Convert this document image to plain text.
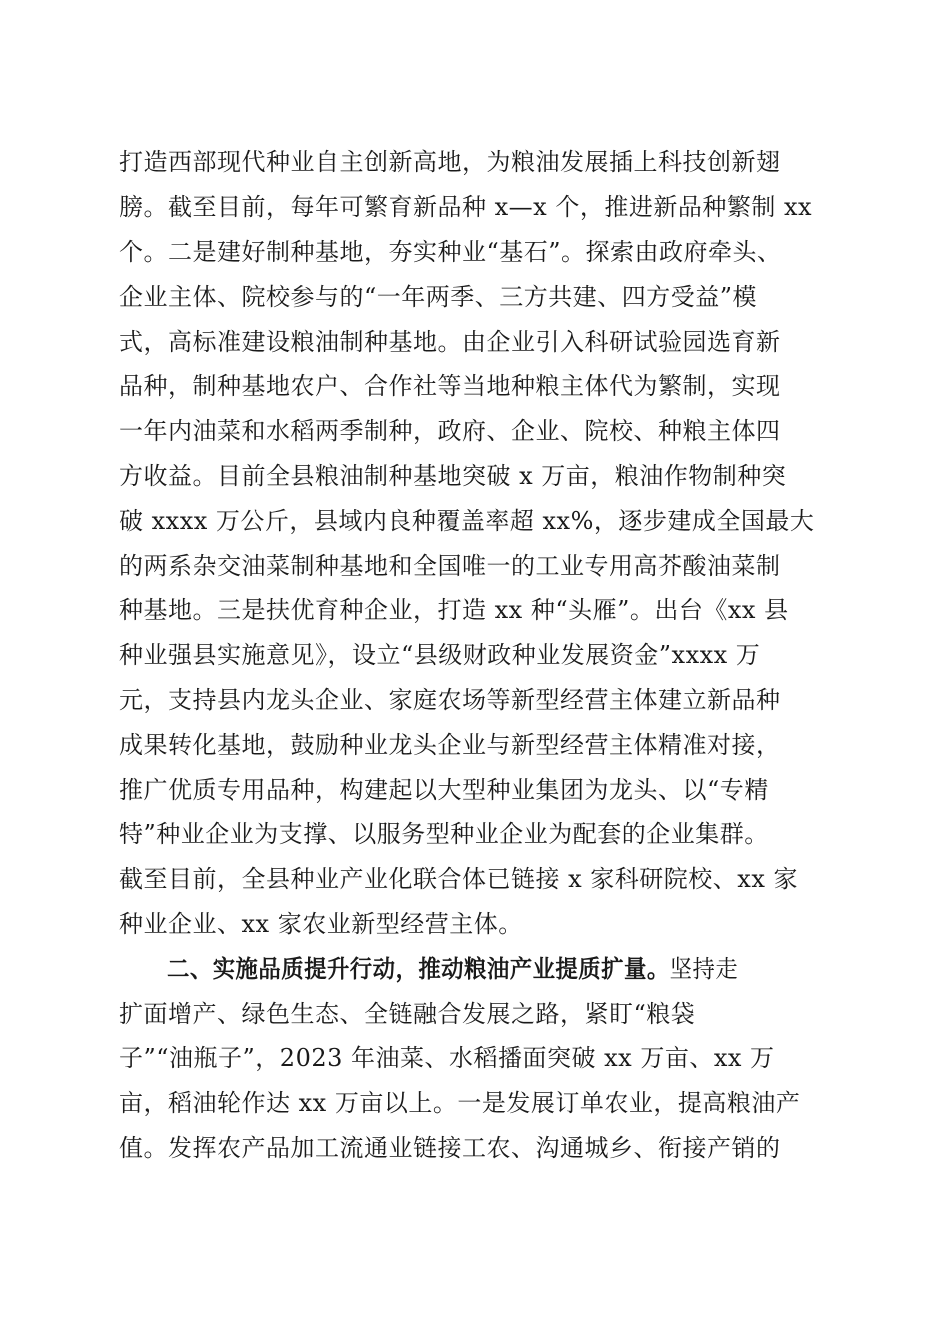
打造西部现代种业自主创新高地，为粮油发展插上科技创新翅
膀。截至目前，每年可繁育新品种 x—x 个，推进新品种繁制 xx
个。二是建好制种基地，夯实种业“基石”。探索由政府牵头、
企业主体、院校参与的“一年两季、三方共建、四方受益”模
式，高标准建设粮油制种基地。由企业引入科研试验园选育新
品种，制种基地农户、合作社等当地种粮主体代为繁制，实现
一年内油菜和水稻两季制种，政府、企业、院校、种粮主体四
方收益。目前全县粮油制种基地突破 x 万亩，粮油作物制种突
破 xxxx 万公斤，县域内良种覆盖率超 xx%，逐步建成全国最大
的两系杂交油菜制种基地和全国唯一的工业专用高芥酸油菜制
种基地。三是扶优育种企业，打造 xx 种“头雁”。出台《xx 县
种业强县实施意见》，设立“县级财政种业发展资金”xxxx 万
元，支持县内龙头企业、家庭农场等新型经营主体建立新品种
成果转化基地，鼓励种业龙头企业与新型经营主体精准对接，
推广优质专用品种，构建起以大型种业集团为龙头、以“专精
特”种业企业为支撑、以服务型种业企业为配套的企业集群。
截至目前，全县种业产业化联合体已链接 x 家科研院校、xx 家
种业企业、xx 家农业新型经营主体。
二、实施品质提升行动，推动粮油产业提质扩量。坚持走
扩面增产、绿色生态、全链融合发展之路，紧盯“粮袋
子”“油瓶子”，2023 年油菜、水稻播面突破 xx 万亩、xx 万
亩，稻油轮作达 xx 万亩以上。一是发展订单农业，提高粮油产
值。发挥农产品加工流通业链接工农、沟通城乡、衔接产销的
